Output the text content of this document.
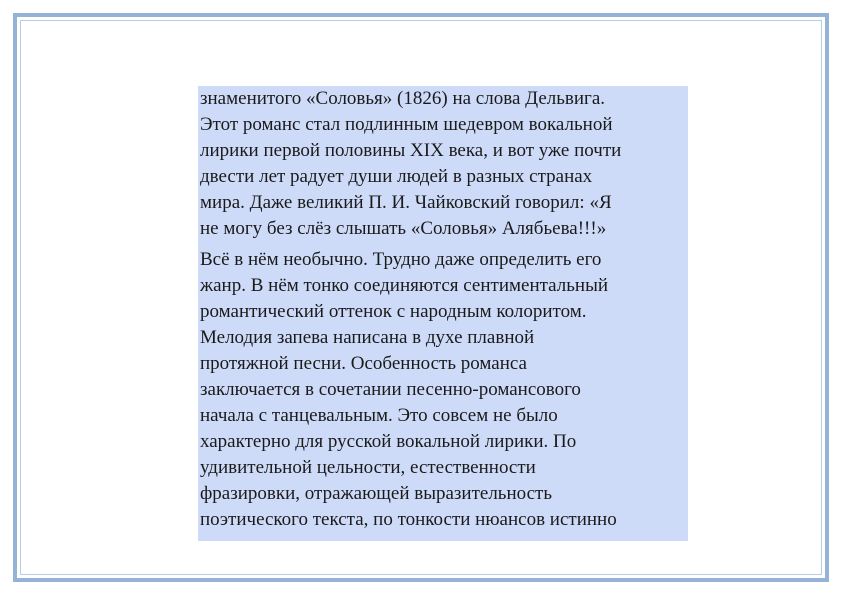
знаменитого «Соловья» (1826) на слова Дельвига.
Этот романс стал подлинным шедевром вокальной
лирики первой половины XIX века, и вот уже почти
двести лет радует души людей в разных странах
мира. Даже великий П. И. Чайковский говорил: «Я
не могу без слёз слышать «Соловья» Алябьева!!!»

Всё в нём необычно. Трудно даже определить его
жанр. В нём тонко соединяются сентиментальный
романтический оттенок с народным колоритом.
Мелодия запева написана в духе плавной
протяжной песни. Особенность романса
заключается в сочетании песенно-романсового
начала с танцевальным. Это совсем не было
характерно для русской вокальной лирики. По
удивительной цельности, естественности
фразировки, отражающей выразительность
поэтического текста, по тонкости нюансов истинно
